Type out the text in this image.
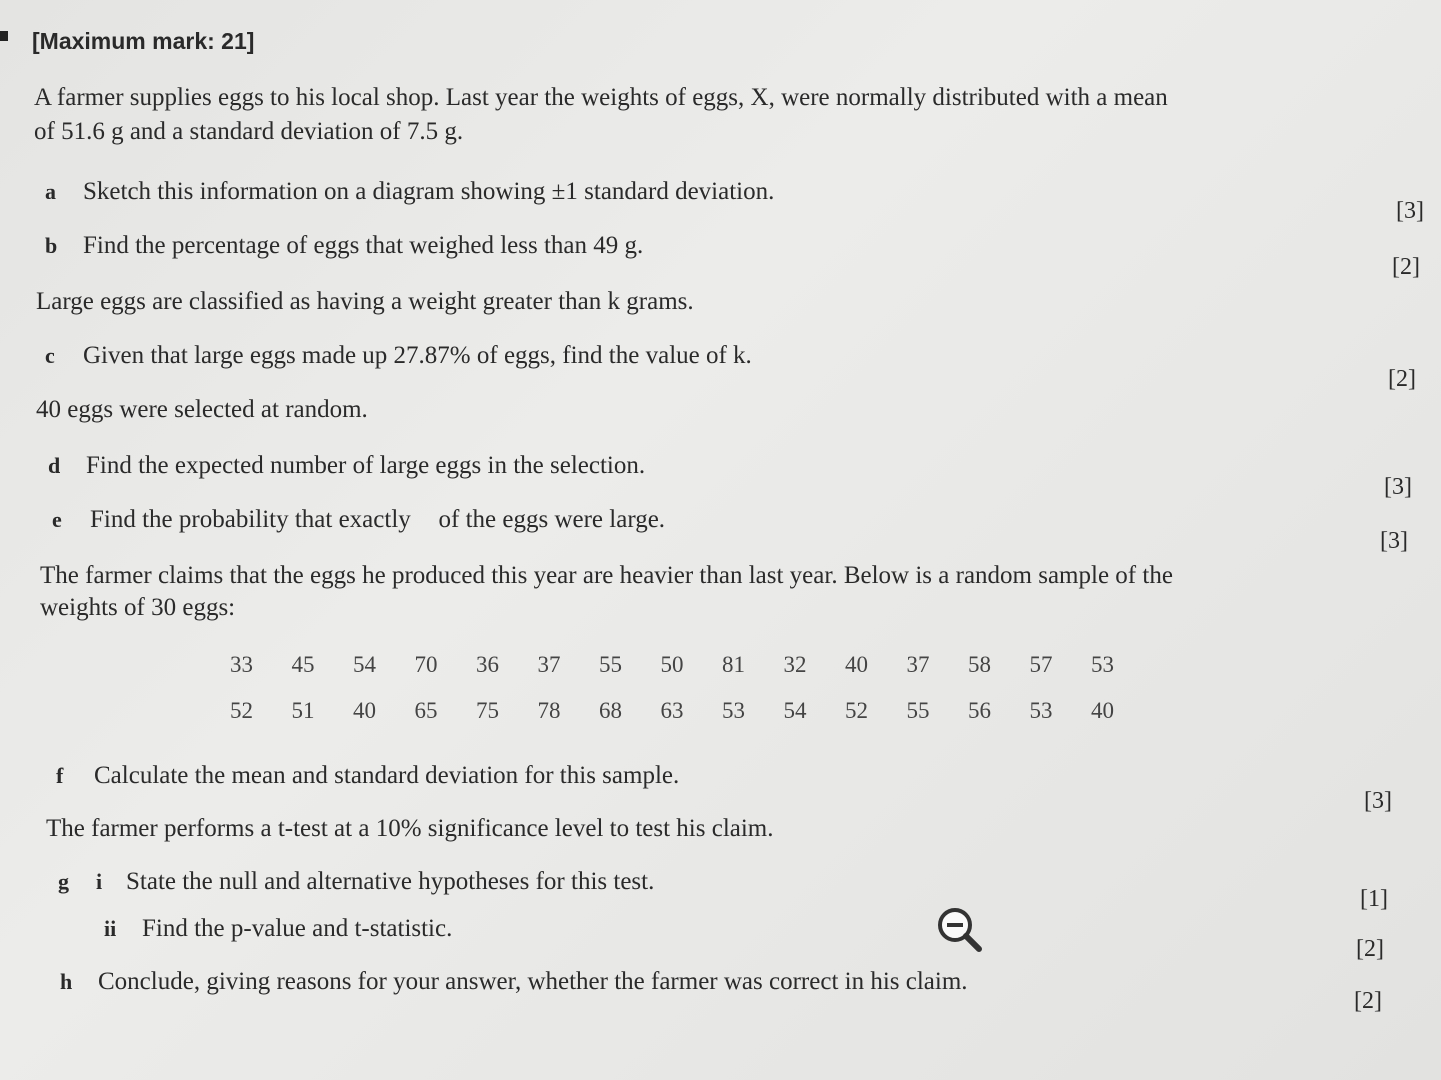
[Maximum mark: 21]
A farmer supplies eggs to his local shop. Last year the weights of eggs, X, were normally distributed with a mean
of 51.6 g and a standard deviation of 7.5 g.
a Sketch this information on a diagram showing ±1 standard deviation.
[3]
b Find the percentage of eggs that weighed less than 49 g.
[2]
Large eggs are classified as having a weight greater than k grams.
c Given that large eggs made up 27.87% of eggs, find the value of k.
[2]
40 eggs were selected at random.
d Find the expected number of large eggs in the selection.
[3]
e Find the probability that exactly
of the eggs were large.
[3]
The farmer claims that the eggs he produced this year are heavier than last year. Below is a random sample of the
weights of 30 eggs:
33	45	54	70	36	37	55	50	81	32	40	37	58	57	53
52	51	40	65	75	78	68	63	53	54	52	55	56	53	40
f Calculate the mean and standard deviation for this sample.
[3]
The farmer performs a t-test at a 10% significance level to test his claim.
g i State the null and alternative hypotheses for this test.
[1]
ii Find the p-value and t-statistic.
[2]
h Conclude, giving reasons for your answer, whether the farmer was correct in his claim.
[2]
